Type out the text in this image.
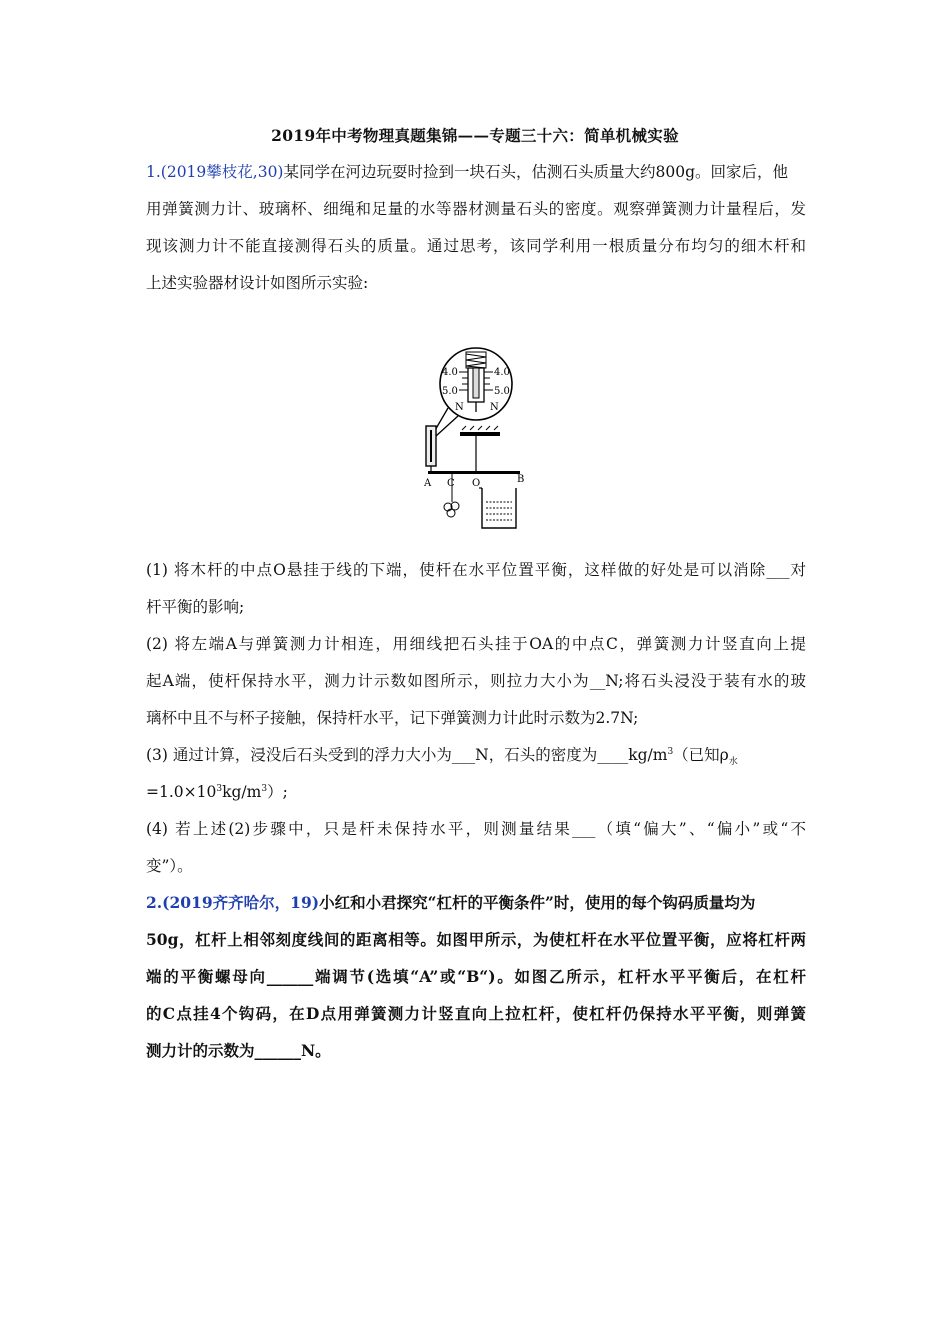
2019年中考物理真题集锦——专题三十六：简单机械实验
1.(2019攀枝花,30)某同学在河边玩耍时捡到一块石头，估测石头质量大约800g。回家后，他
用弹簧测力计、玻璃杯、细绳和足量的水等器材测量石头的密度。观察弹簧测力计量程后，发
现该测力计不能直接测得石头的质量。通过思考，该同学利用一根质量分布均匀的细木杆和
上述实验器材设计如图所示实验:
4.0	4.0
5.0	5.0
N	N
A C O	B
(1) 将木杆的中点O悬挂于线的下端，使杆在水平位置平衡，这样做的好处是可以消除___对
杆平衡的影响;
(2) 将左端A与弹簧测力计相连，用细线把石头挂于OA的中点C，弹簧测力计竖直向上提
起A端，使杆保持水平，测力计示数如图所示，则拉力大小为__N;将石头浸没于装有水的玻
璃杯中且不与杯子接触，保持杆水平，记下弹簧测力计此时示数为2.7N;
(3) 通过计算，浸没后石头受到的浮力大小为___N，石头的密度为$\_\_\_\_kg/m^3$（已知$\rho_水$
$=1.0\times 10^3kg/m^3$）;
(4) 若上述(2)步骤中，只是杆未保持水平，则测量结果___（填“偏大”、“偏小”或“不
变”）。
2.(2019齐齐哈尔，19)小红和小君探究“杠杆的平衡条件”时，使用的每个钩码质量均为
50g，杠杆上相邻刻度线间的距离相等。如图甲所示，为使杠杆在水平位置平衡，应将杠杆两
端的平衡螺母向______端调节(选填“A”或“B“)。如图乙所示，杠杆水平平衡后，在杠杆
的C点挂4个钩码，在D点用弹簧测力计竖直向上拉杠杆，使杠杆仍保持水平平衡，则弹簧
测力计的示数为______N。
